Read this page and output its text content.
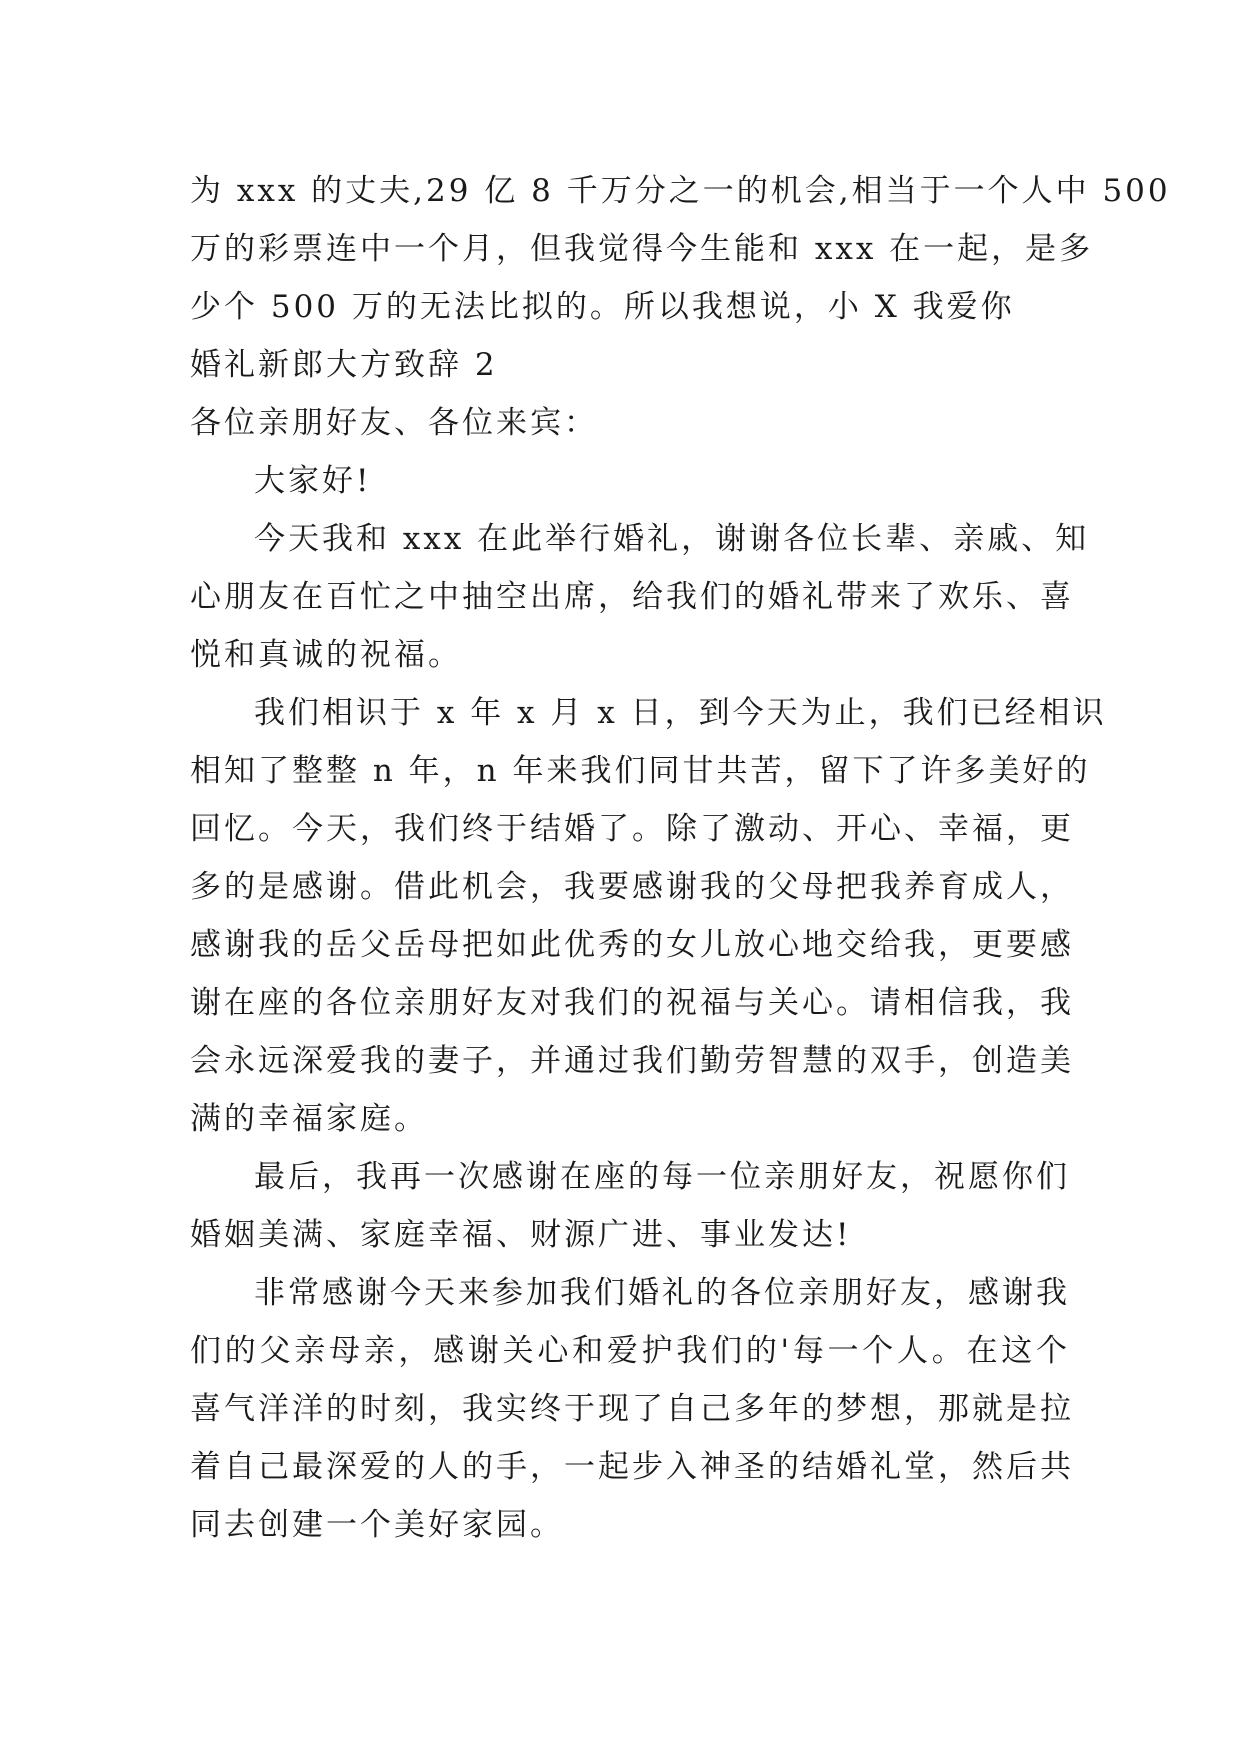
为 xxx 的丈夫,29 亿 8 千万分之一的机会,相当于一个人中 500
万的彩票连中一个月，但我觉得今生能和 xxx 在一起，是多
少个 500 万的无法比拟的。所以我想说，小 X 我爱你
婚礼新郎大方致辞 2
各位亲朋好友、各位来宾：
大家好!
今天我和 xxx 在此举行婚礼，谢谢各位长辈、亲戚、知
心朋友在百忙之中抽空出席，给我们的婚礼带来了欢乐、喜
悦和真诚的祝福。
我们相识于 x 年 x 月 x 日，到今天为止，我们已经相识
相知了整整 n 年，n 年来我们同甘共苦，留下了许多美好的
回忆。今天，我们终于结婚了。除了激动、开心、幸福，更
多的是感谢。借此机会，我要感谢我的父母把我养育成人，
感谢我的岳父岳母把如此优秀的女儿放心地交给我，更要感
谢在座的各位亲朋好友对我们的祝福与关心。请相信我，我
会永远深爱我的妻子，并通过我们勤劳智慧的双手，创造美
满的幸福家庭。
最后，我再一次感谢在座的每一位亲朋好友，祝愿你们
婚姻美满、家庭幸福、财源广进、事业发达!
非常感谢今天来参加我们婚礼的各位亲朋好友，感谢我
们的父亲母亲，感谢关心和爱护我们的'每一个人。在这个
喜气洋洋的时刻，我实终于现了自己多年的梦想，那就是拉
着自己最深爱的人的手，一起步入神圣的结婚礼堂，然后共
同去创建一个美好家园。
